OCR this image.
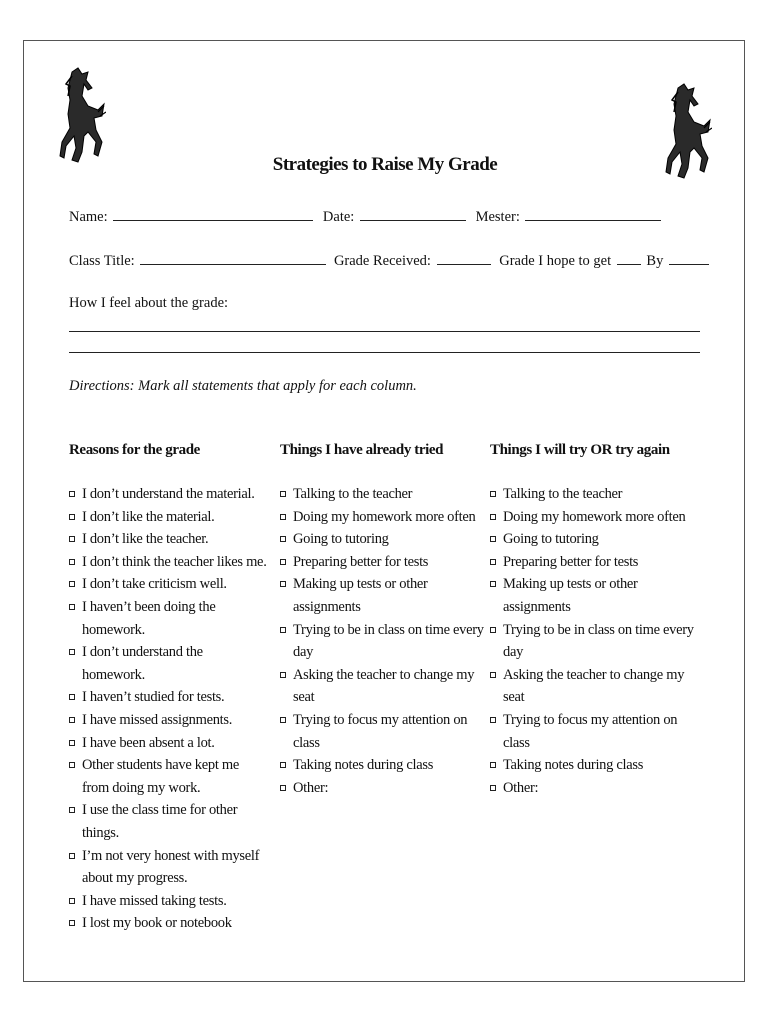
Strategies to Raise My Grade
Name:	Date:	Mester:
Class Title:	Grade Received:	Grade I hope to get By
How I feel about the grade:
Directions: Mark all statements that apply for each column.
Reasons for the grade
I don’t understand the material.
I don’t like the material.
I don’t like the teacher.
I don’t think the teacher likes me.
I don’t take criticism well.
I haven’t been doing the homework.
I don’t understand the homework.
I haven’t studied for tests.
I have missed assignments.
I have been absent a lot.
Other students have kept me from doing my work.
I use the class time for other things.
I’m not very honest with myself about my progress.
I have missed taking tests.
I lost my book or notebook
Things I have already tried
Talking to the teacher
Doing my homework more often
Going to tutoring
Preparing better for tests
Making up tests or other assignments
Trying to be in class on time every day
Asking the teacher to change my seat
Trying to focus my attention on class
Taking notes during class
Other:
Things I will try OR try again
Talking to the teacher
Doing my homework more often
Going to tutoring
Preparing better for tests
Making up tests or other assignments
Trying to be in class on time every day
Asking the teacher to change my seat
Trying to focus my attention on class
Taking notes during class
Other:
